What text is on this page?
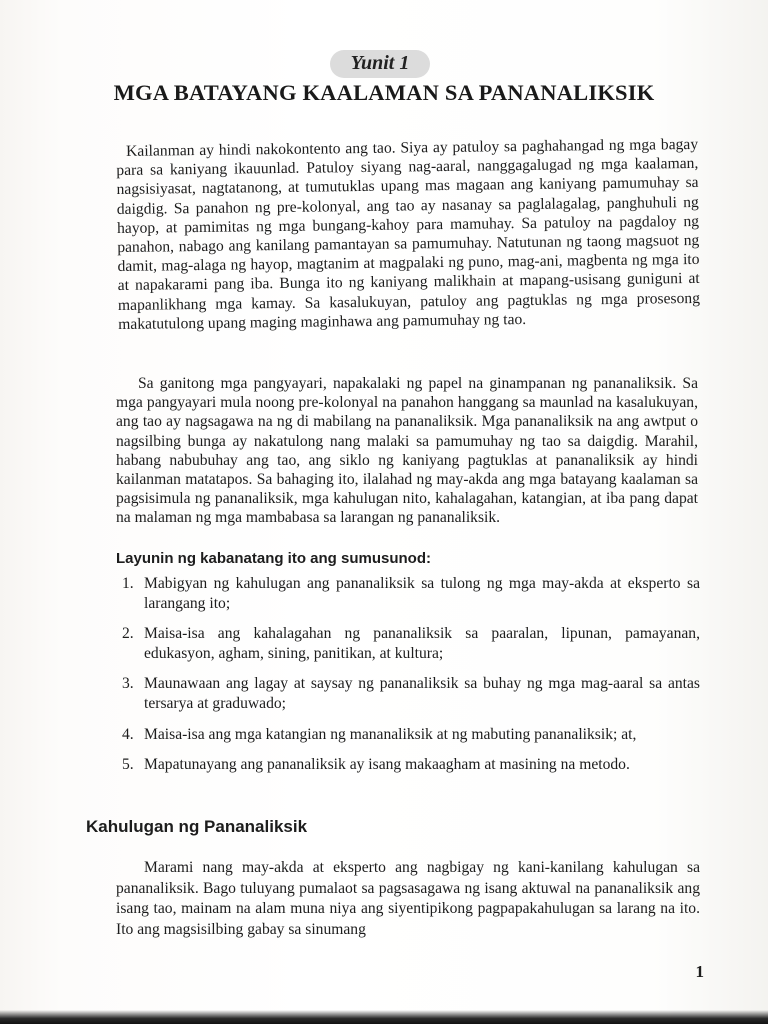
Yunit 1
MGA BATAYANG KAALAMAN SA PANANALIKSIK
Kailanman ay hindi nakokontento ang tao. Siya ay patuloy sa paghahangad ng mga bagay para sa kaniyang ikauunlad. Patuloy siyang nag-aaral, nanggagalugad ng mga kaalaman, nagsisiyasat, nagtatanong, at tumutuklas upang mas magaan ang kaniyang pamumuhay sa daigdig. Sa panahon ng pre-kolonyal, ang tao ay nasanay sa paglalagalag, panghuhuli ng hayop, at pamimitas ng mga bungang-kahoy para mamuhay. Sa patuloy na pagdaloy ng panahon, nabago ang kanilang pamantayan sa pamumuhay. Natutunan ng taong magsuot ng damit, mag-alaga ng hayop, magtanim at magpalaki ng puno, mag-ani, magbenta ng mga ito at napakarami pang iba. Bunga ito ng kaniyang malikhain at mapang-usisang guniguni at mapanlikhang mga kamay. Sa kasalukuyan, patuloy ang pagtuklas ng mga prosesong makatutulong upang maging maginhawa ang pamumuhay ng tao.
Sa ganitong mga pangyayari, napakalaki ng papel na ginampanan ng pananaliksik. Sa mga pangyayari mula noong pre-kolonyal na panahon hanggang sa maunlad na kasalukuyan, ang tao ay nagsagawa na ng di mabilang na pananaliksik. Mga pananaliksik na ang awtput o nagsilbing bunga ay nakatulong nang malaki sa pamumuhay ng tao sa daigdig. Marahil, habang nabubuhay ang tao, ang siklo ng kaniyang pagtuklas at pananaliksik ay hindi kailanman matatapos. Sa bahaging ito, ilalahad ng may-akda ang mga batayang kaalaman sa pagsisimula ng pananaliksik, mga kahulugan nito, kahalagahan, katangian, at iba pang dapat na malaman ng mga mambabasa sa larangan ng pananaliksik.
Layunin ng kabanatang ito ang sumusunod:
1. Mabigyan ng kahulugan ang pananaliksik sa tulong ng mga may-akda at eksperto sa larangang ito;
2. Maisa-isa ang kahalagahan ng pananaliksik sa paaralan, lipunan, pamayanan, edukasyon, agham, sining, panitikan, at kultura;
3. Maunawaan ang lagay at saysay ng pananaliksik sa buhay ng mga mag-aaral sa antas tersarya at graduwado;
4. Maisa-isa ang mga katangian ng mananaliksik at ng mabuting pananaliksik; at,
5. Mapatunayang ang pananaliksik ay isang makaagham at masining na metodo.
Kahulugan ng Pananaliksik
Marami nang may-akda at eksperto ang nagbigay ng kani-kanilang kahulugan sa pananaliksik. Bago tuluyang pumalaot sa pagsasagawa ng isang aktuwal na pananaliksik ang isang tao, mainam na alam muna niya ang siyentipikong pagpapakahulugan sa larang na ito. Ito ang magsisilbing gabay sa sinumang
1
